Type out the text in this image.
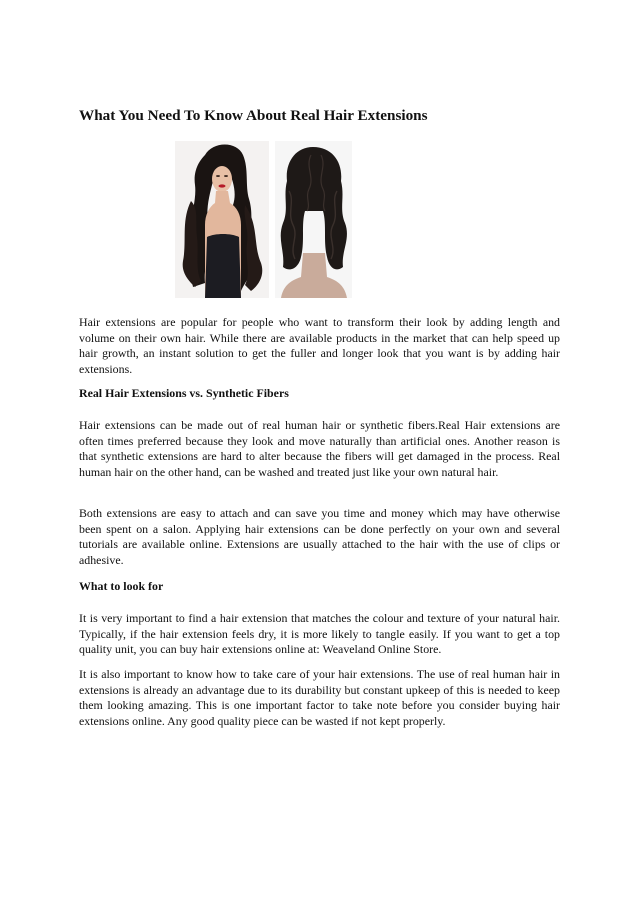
What You Need To Know About Real Hair Extensions

Hair extensions are popular for people who want to transform their look by adding length and volume on their own hair. While there are available products in the market that can help speed up hair growth, an instant solution to get the fuller and longer look that you want is by adding hair extensions.

Real Hair Extensions vs. Synthetic Fibers

Hair extensions can be made out of real human hair or synthetic fibers.Real Hair extensions are often times preferred because they look and move naturally than artificial ones. Another reason is that synthetic extensions are hard to alter because the fibers will get damaged in the process. Real human hair on the other hand, can be washed and treated just like your own natural hair.

Both extensions are easy to attach and can save you time and money which may have otherwise been spent on a salon. Applying hair extensions can be done perfectly on your own and several tutorials are available online. Extensions are usually attached to the hair with the use of clips or adhesive.

What to look for

It is very important to find a hair extension that matches the colour and texture of your natural hair. Typically, if the hair extension feels dry, it is more likely to tangle easily. If you want to get a top quality unit, you can buy hair extensions online at: Weaveland Online Store.

It is also important to know how to take care of your hair extensions. The use of real human hair in extensions is already an advantage due to its durability but constant upkeep of this is needed to keep them looking amazing. This is one important factor to take note before you consider buying hair extensions online. Any good quality piece can be wasted if not kept properly.
